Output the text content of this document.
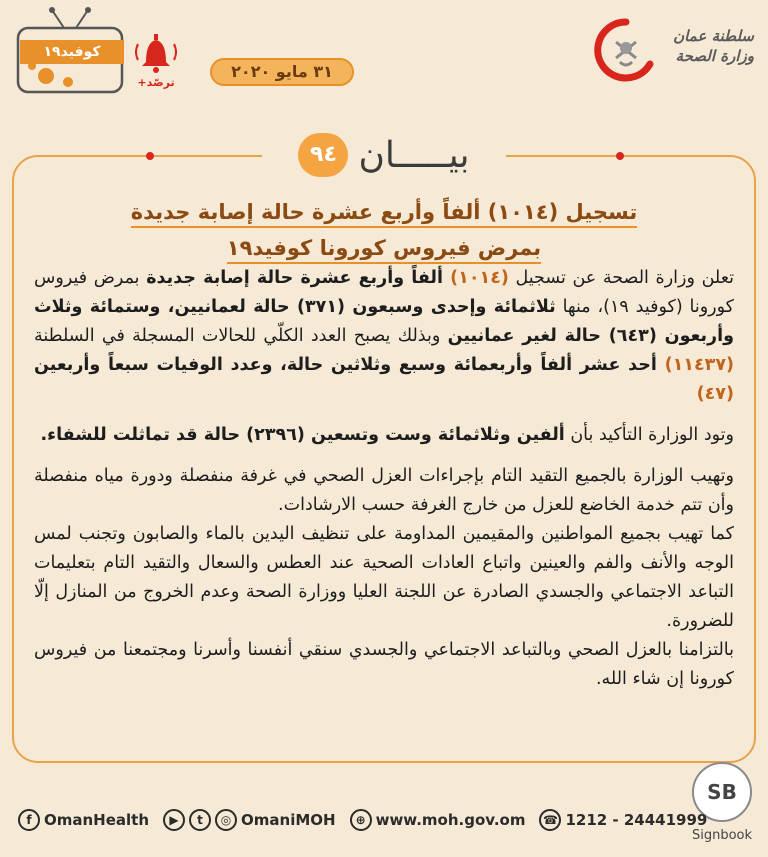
سلطنة عمان
وزارة الصحة
٣١ مايو ٢٠٢٠
ترصّد+
كوفيد١٩
٩٤ بيـــــان
تسجيل (١٠١٤) ألفاً وأربع عشرة حالة إصابة جديدة
بمرض فيروس كورونا كوفيد١٩

تعلن وزارة الصحة عن تسجيل (١٠١٤) ألفاً وأربع عشرة حالة إصابة جديدة بمرض فيروس كورونا (كوفيد ١٩)، منها ثلاثمائة وإحدى وسبعون (٣٧١) حالة لعمانيين، وستمائة وثلاث وأربعون (٦٤٣) حالة لغير عمانيين وبذلك يصبح العدد الكلّي للحالات المسجلة في السلطنة (١١٤٣٧) أحد عشر ألفاً وأربعمائة وسبع وثلاثين حالة، وعدد الوفيات سبعاً وأربعين (٤٧)

وتود الوزارة التأكيد بأن ألفين وثلاثمائة وست وتسعين (٢٣٩٦) حالة قد تماثلت للشفاء.

وتهيب الوزارة بالجميع التقيد التام بإجراءات العزل الصحي في غرفة منفصلة ودورة مياه منفصلة وأن تتم خدمة الخاضع للعزل من خارج الغرفة حسب الارشادات.

كما تهيب بجميع المواطنين والمقيمين المداومة على تنظيف اليدين بالماء والصابون وتجنب لمس الوجه والأنف والفم والعينين واتباع العادات الصحية عند العطس والسعال والتقيد التام بتعليمات التباعد الاجتماعي والجسدي الصادرة عن اللجنة العليا ووزارة الصحة وعدم الخروج من المنازل إلّا للضرورة.

بالتزامنا بالعزل الصحي وبالتباعد الاجتماعي والجسدي سنقي أنفسنا وأسرنا ومجتمعنا من فيروس كورونا إن شاء الله.

SB
Signbook
f OmanHealth	▶	t	◎ OmaniMOH	⊕ www.moh.gov.om ☎ 1212 - 24441999
